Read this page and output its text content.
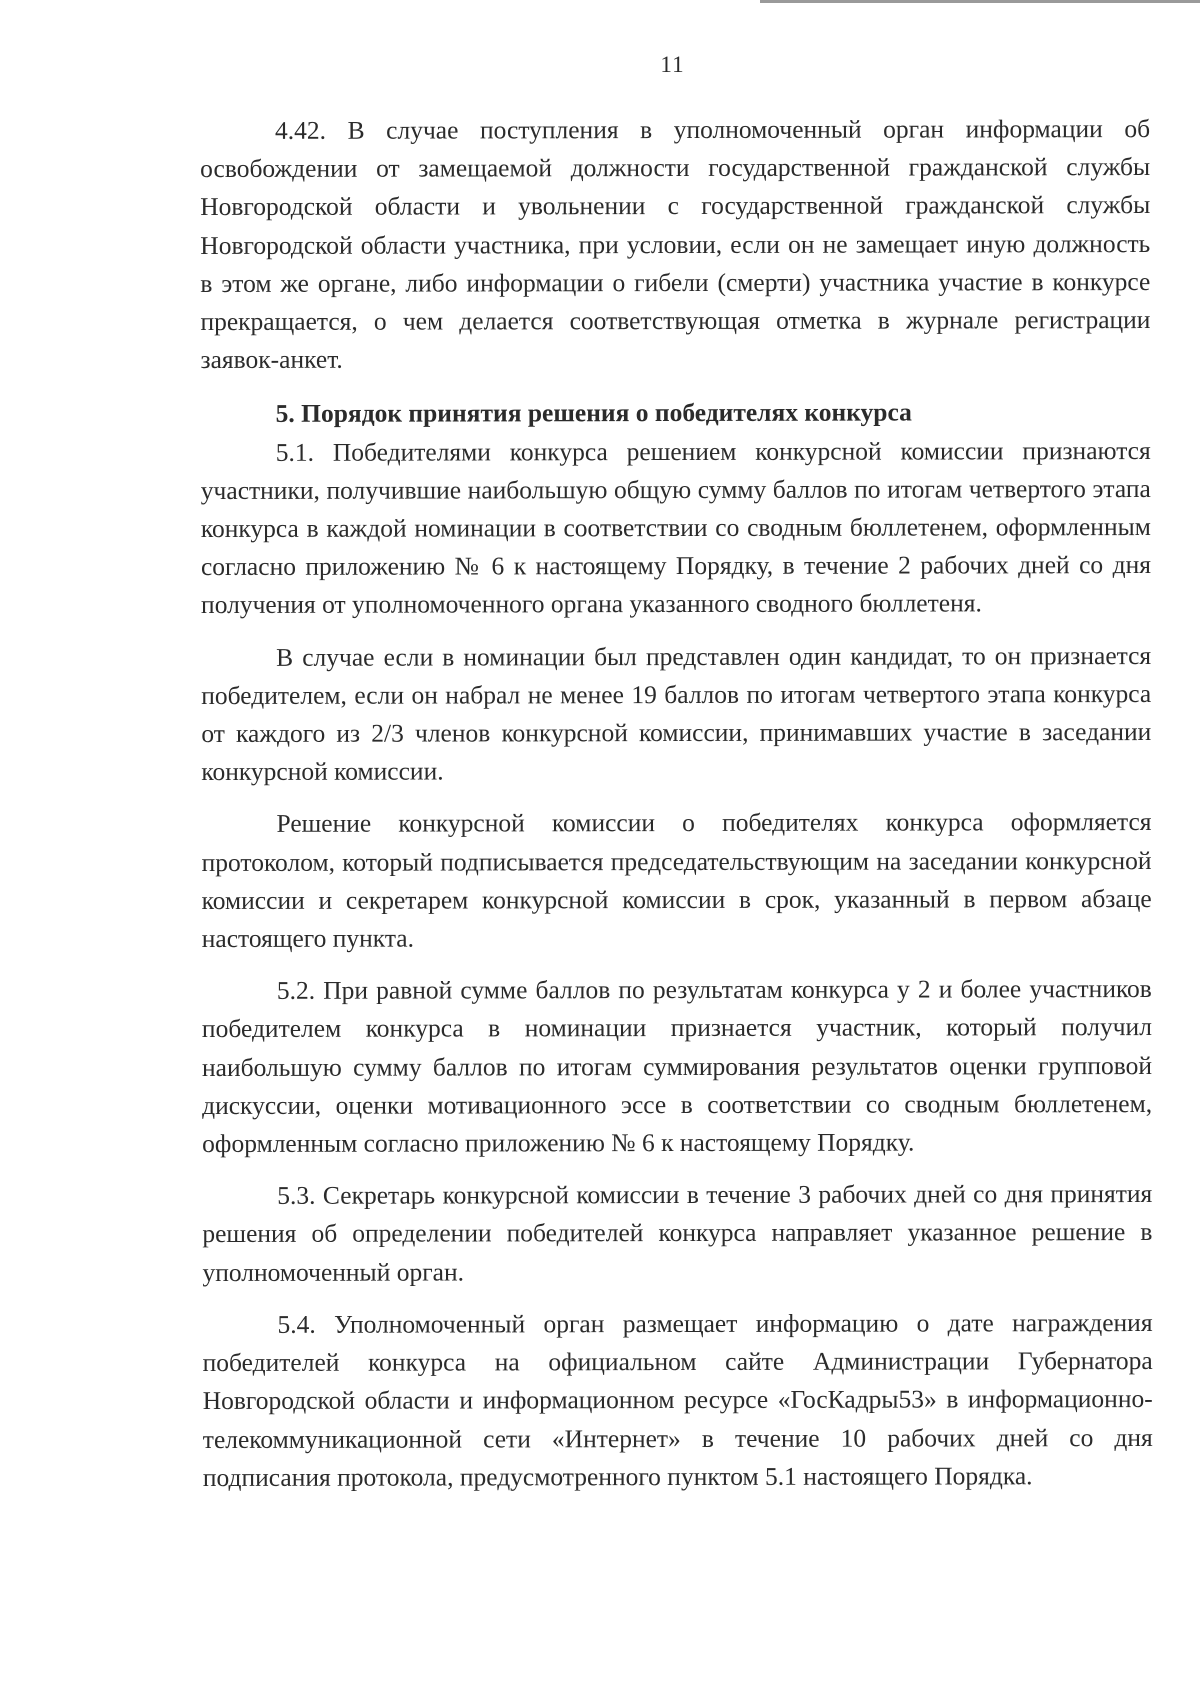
11

4.42. В случае поступления в уполномоченный орган информации об освобождении от замещаемой должности государственной гражданской службы Новгородской области и увольнении с государственной гражданской службы Новгородской области участника, при условии, если он не замещает иную должность в этом же органе, либо информации о гибели (смерти) участника участие в конкурсе прекращается, о чем делается соответствующая отметка в журнале регистрации заявок-анкет.

5. Порядок принятия решения о победителях конкурса

5.1. Победителями конкурса решением конкурсной комиссии признаются участники, получившие наибольшую общую сумму баллов по итогам четвертого этапа конкурса в каждой номинации в соответствии со сводным бюллетенем, оформленным согласно приложению № 6 к настоящему Порядку, в течение 2 рабочих дней со дня получения от уполномоченного органа указанного сводного бюллетеня.

В случае если в номинации был представлен один кандидат, то он признается победителем, если он набрал не менее 19 баллов по итогам четвертого этапа конкурса от каждого из 2/3 членов конкурсной комиссии, принимавших участие в заседании конкурсной комиссии.

Решение конкурсной комиссии о победителях конкурса оформляется протоколом, который подписывается председательствующим на заседании конкурсной комиссии и секретарем конкурсной комиссии в срок, указанный в первом абзаце настоящего пункта.

5.2. При равной сумме баллов по результатам конкурса у 2 и более участников победителем конкурса в номинации признается участник, который получил наибольшую сумму баллов по итогам суммирования результатов оценки групповой дискуссии, оценки мотивационного эссе в соответствии со сводным бюллетенем, оформленным согласно приложению № 6 к настоящему Порядку.

5.3. Секретарь конкурсной комиссии в течение 3 рабочих дней со дня принятия решения об определении победителей конкурса направляет указанное решение в уполномоченный орган.

5.4. Уполномоченный орган размещает информацию о дате награждения победителей конкурса на официальном сайте Администрации Губернатора Новгородской области и информационном ресурсе «ГосКадры53» в информационно-телекоммуникационной сети «Интернет» в течение 10 рабочих дней со дня подписания протокола, предусмотренного пунктом 5.1 настоящего Порядка.
